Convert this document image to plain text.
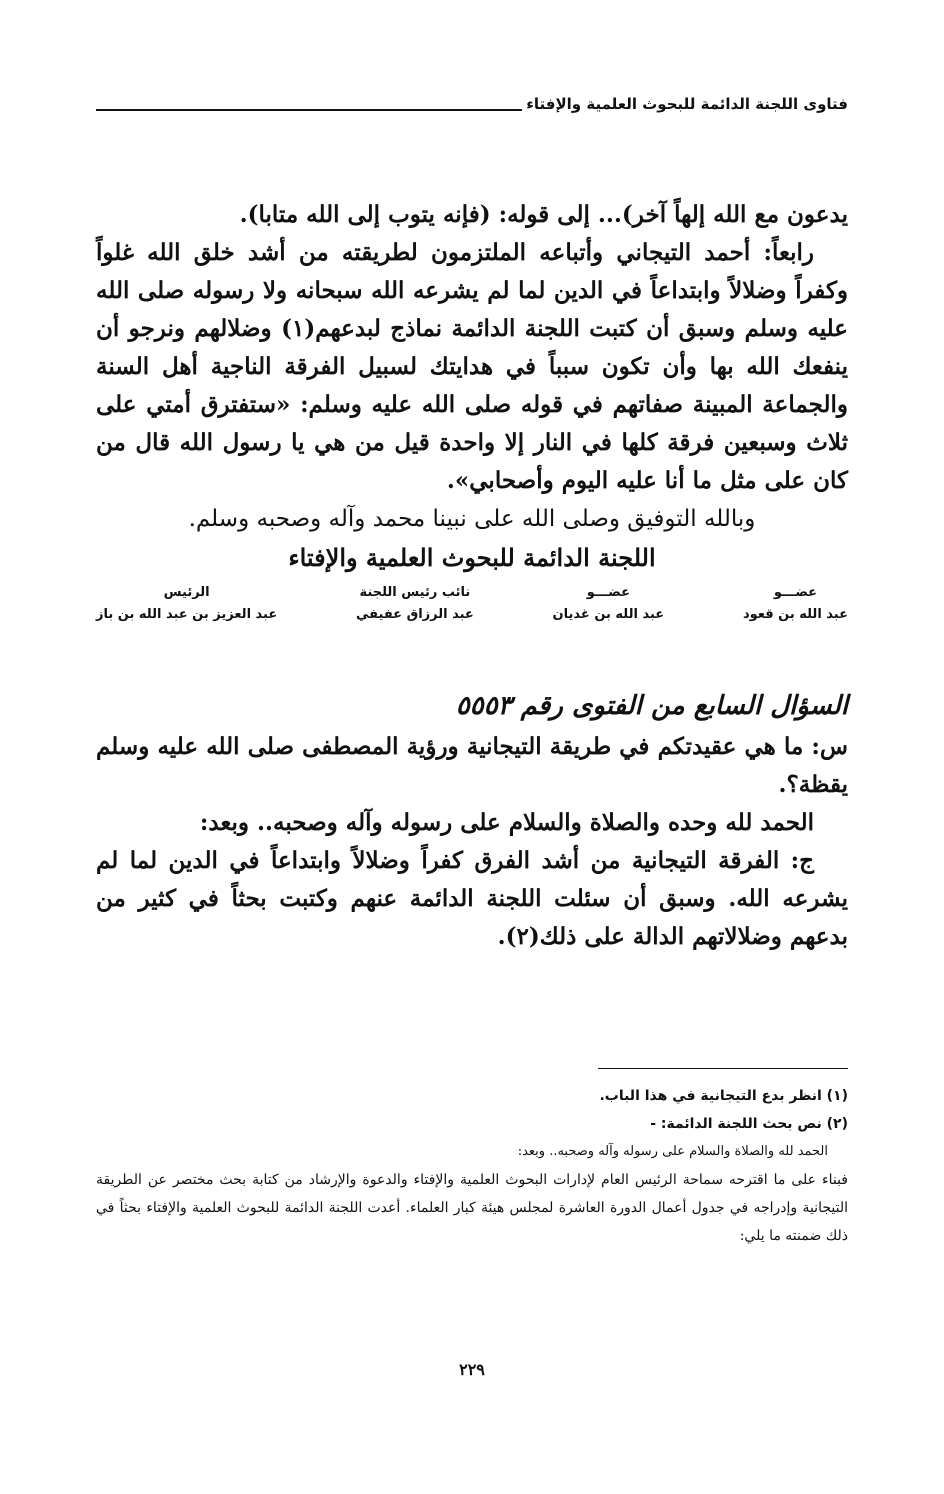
فتاوى اللجنة الدائمة للبحوث العلمية والإفتاء

يدعون مع الله إلهاً آخر)... إلى قوله: (فإنه يتوب إلى الله متابا).

رابعاً: أحمد التيجاني وأتباعه الملتزمون لطريقته من أشد خلق الله غلواً وكفراً وضلالاً وابتداعاً في الدين لما لم يشرعه الله سبحانه ولا رسوله صلى الله عليه وسلم وسبق أن كتبت اللجنة الدائمة نماذج لبدعهم(١) وضلالهم ونرجو أن ينفعك الله بها وأن تكون سبباً في هدايتك لسبيل الفرقة الناجية أهل السنة والجماعة المبينة صفاتهم في قوله صلى الله عليه وسلم: «ستفترق أمتي على ثلاث وسبعين فرقة كلها في النار إلا واحدة قيل من هي يا رسول الله قال من كان على مثل ما أنا عليه اليوم وأصحابي».

وبالله التوفيق وصلى الله على نبينا محمد وآله وصحبه وسلم.

اللجنة الدائمة للبحوث العلمية والإفتاء

عضـــو
عبد الله بن قعود
عضـــو
عبد الله بن غديان
نائب رئيس اللجنة
عبد الرزاق عفيفي
الرئيس
عبد العزيز بن عبد الله بن باز
السؤال السابع من الفتوى رقم ٥٥٥٣

س: ما هي عقيدتكم في طريقة التيجانية ورؤية المصطفى صلى الله عليه وسلم يقظة؟.

الحمد لله وحده والصلاة والسلام على رسوله وآله وصحبه.. وبعد:

ج: الفرقة التيجانية من أشد الفرق كفراً وضلالاً وابتداعاً في الدين لما لم يشرعه الله. وسبق أن سئلت اللجنة الدائمة عنهم وكتبت بحثاً في كثير من بدعهم وضلالاتهم الدالة على ذلك(٢).

(١) انظر بدع التيجانية في هذا الباب.

(٢) نص بحث اللجنة الدائمة: -

الحمد لله والصلاة والسلام على رسوله وآله وصحبه.. وبعد:

فبناء على ما اقترحه سماحة الرئيس العام لإدارات البحوث العلمية والإفتاء والدعوة والإرشاد من كتابة بحث مختصر عن الطريقة التيجانية وإدراجه في جدول أعمال الدورة العاشرة لمجلس هيئة كبار العلماء. أعدت اللجنة الدائمة للبحوث العلمية والإفتاء بحثاً في ذلك ضمنته ما يلي:

٢٢٩
